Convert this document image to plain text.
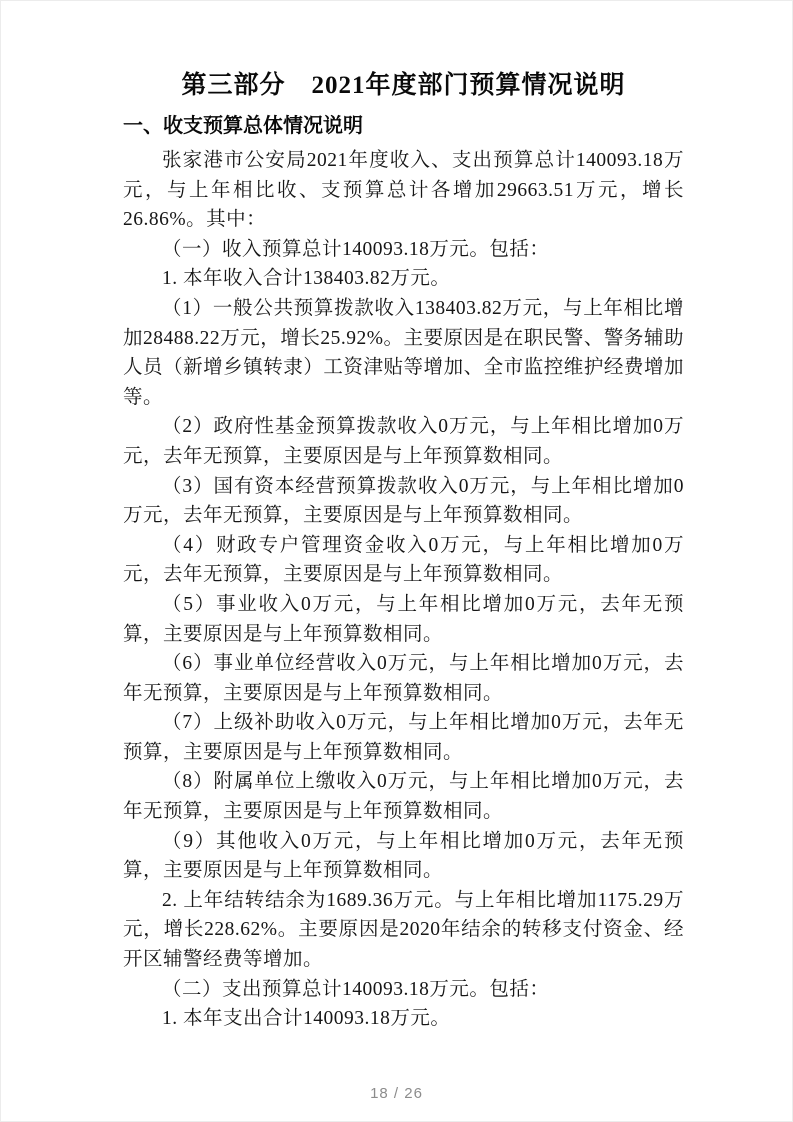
第三部分　2021年度部门预算情况说明
一、收支预算总体情况说明

张家港市公安局2021年度收入、支出预算总计140093.18万元，与上年相比收、支预算总计各增加29663.51万元，增长26.86%。其中：

（一）收入预算总计140093.18万元。包括：

1. 本年收入合计138403.82万元。

（1）一般公共预算拨款收入138403.82万元，与上年相比增加28488.22万元，增长25.92%。主要原因是在职民警、警务辅助人员（新增乡镇转隶）工资津贴等增加、全市监控维护经费增加等。

（2）政府性基金预算拨款收入0万元，与上年相比增加0万元，去年无预算，主要原因是与上年预算数相同。

（3）国有资本经营预算拨款收入0万元，与上年相比增加0万元，去年无预算，主要原因是与上年预算数相同。

（4）财政专户管理资金收入0万元，与上年相比增加0万元，去年无预算，主要原因是与上年预算数相同。

（5）事业收入0万元，与上年相比增加0万元，去年无预算，主要原因是与上年预算数相同。

（6）事业单位经营收入0万元，与上年相比增加0万元，去年无预算，主要原因是与上年预算数相同。

（7）上级补助收入0万元，与上年相比增加0万元，去年无预算，主要原因是与上年预算数相同。

（8）附属单位上缴收入0万元，与上年相比增加0万元，去年无预算，主要原因是与上年预算数相同。

（9）其他收入0万元，与上年相比增加0万元，去年无预算，主要原因是与上年预算数相同。

2. 上年结转结余为1689.36万元。与上年相比增加1175.29万元，增长228.62%。主要原因是2020年结余的转移支付资金、经开区辅警经费等增加。

（二）支出预算总计140093.18万元。包括：

1. 本年支出合计140093.18万元。

18 / 26
